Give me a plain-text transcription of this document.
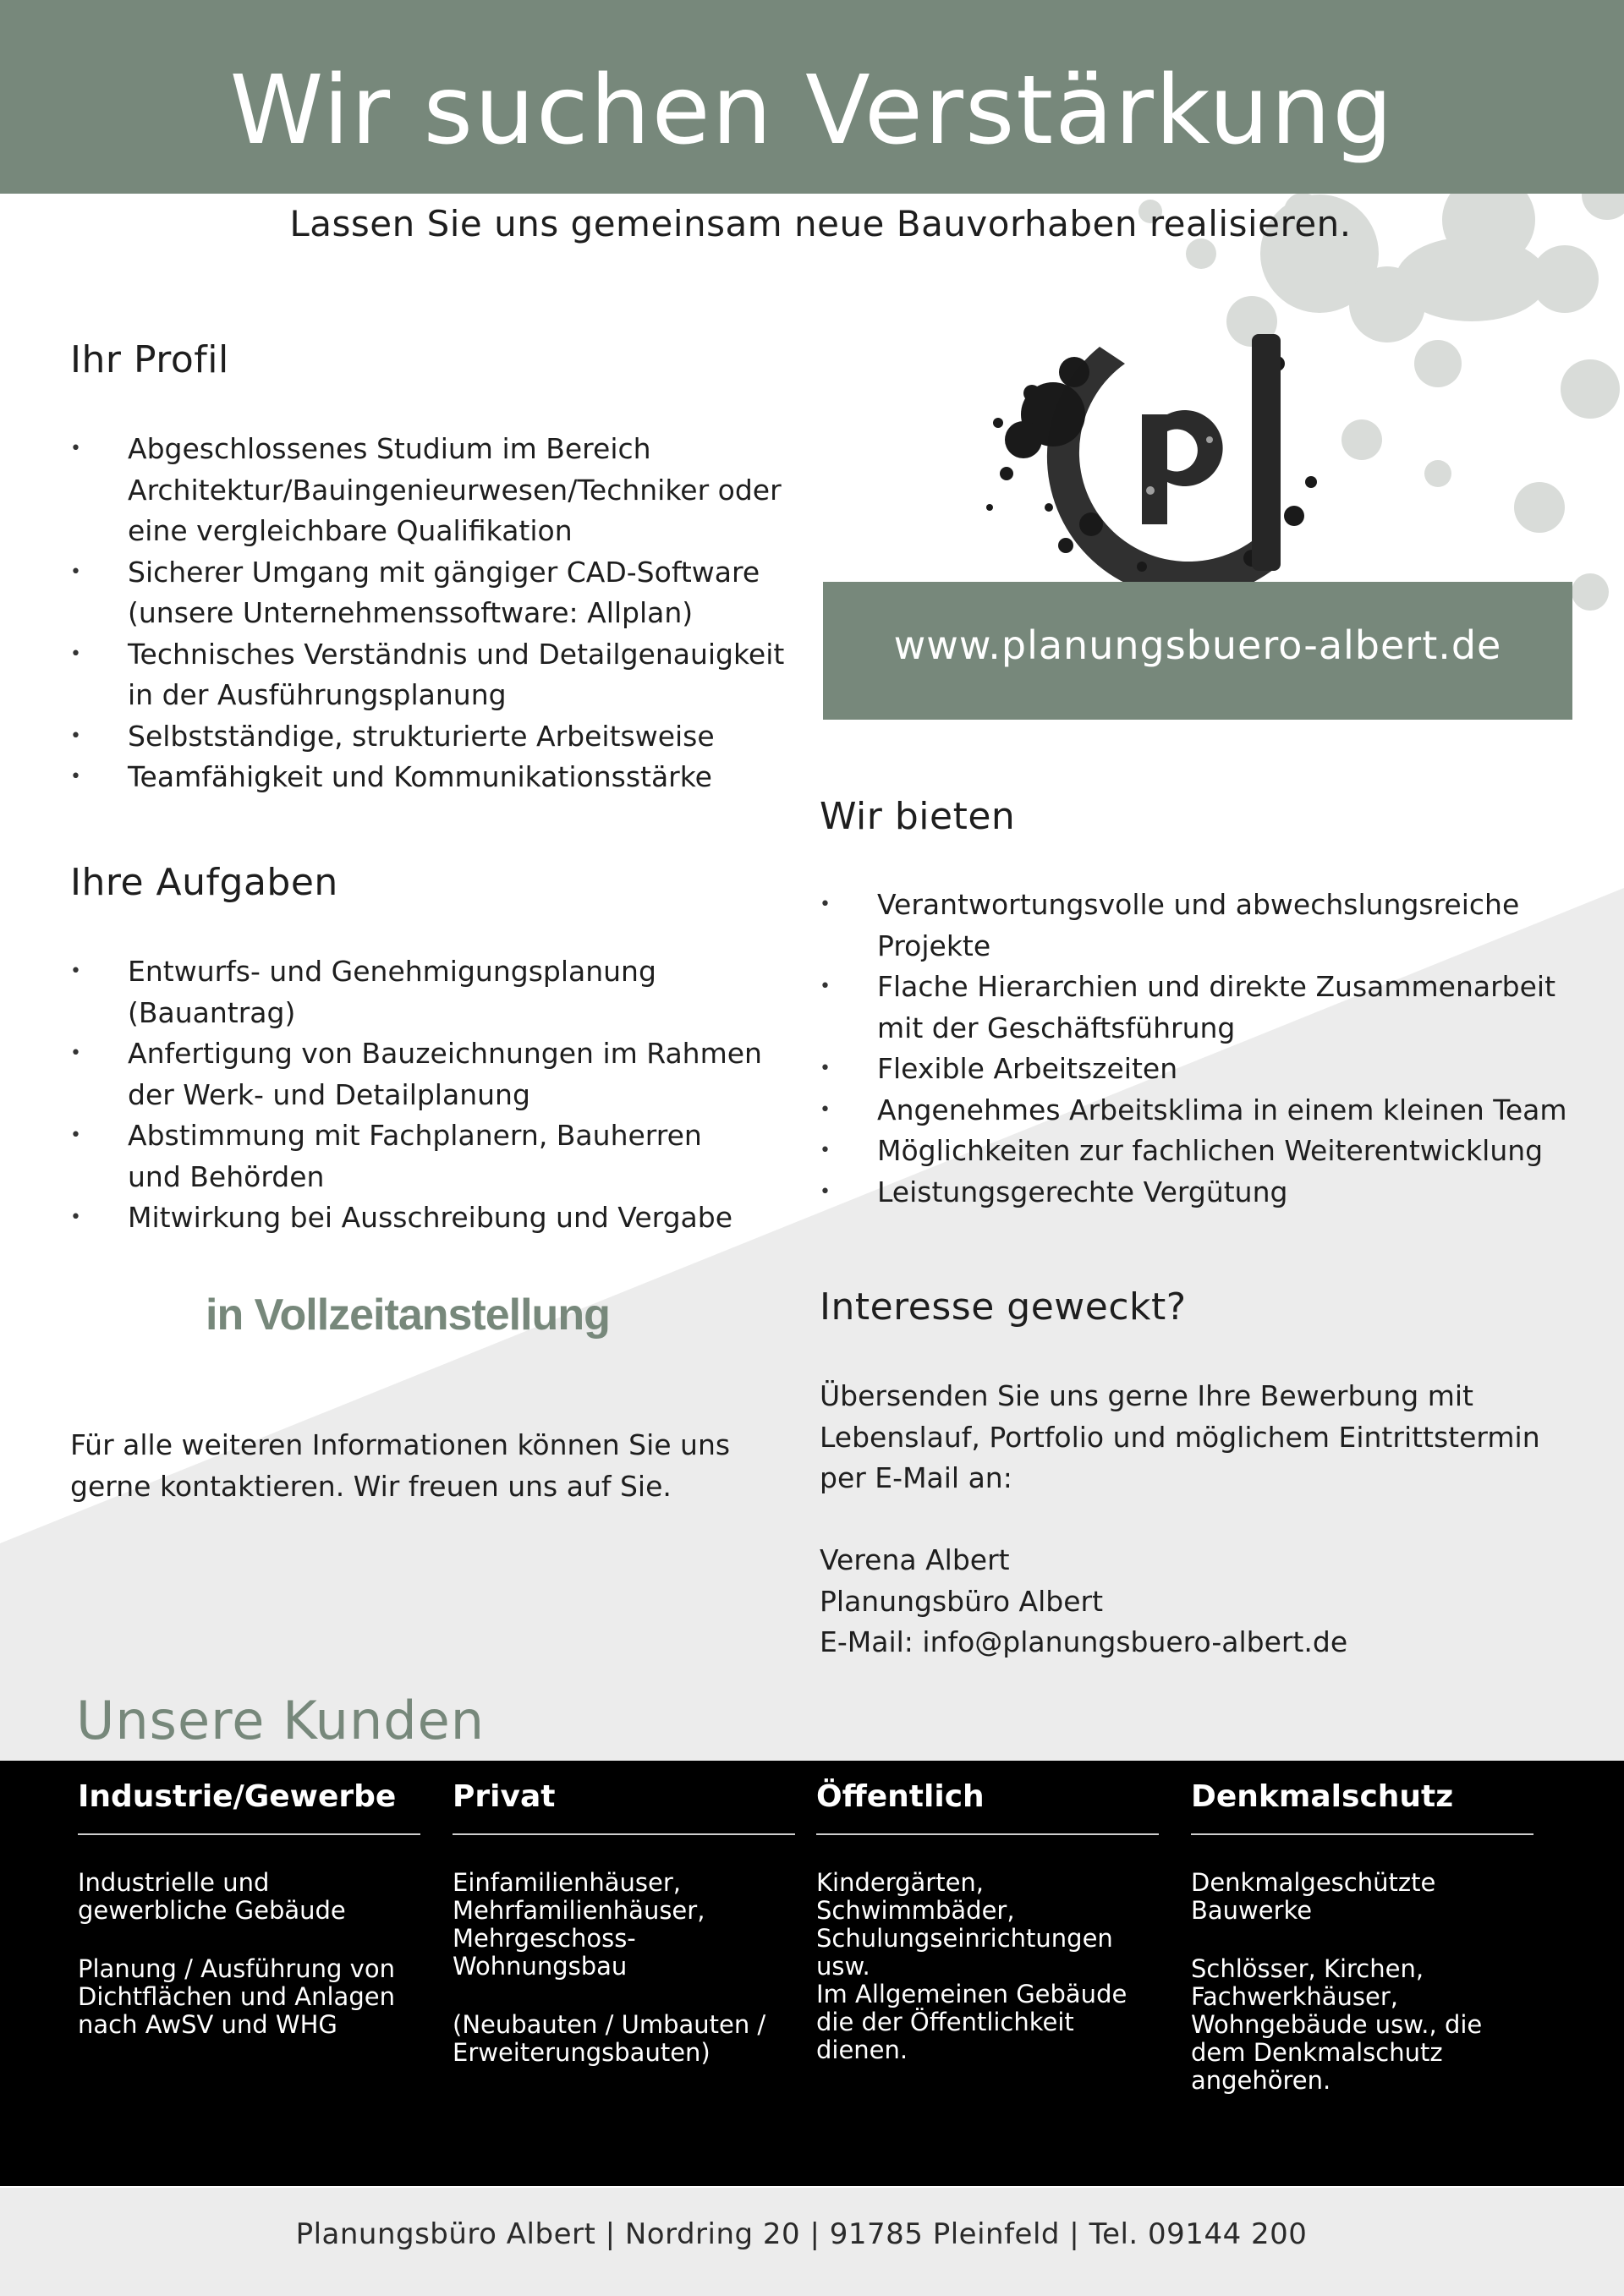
Wir suchen Verstärkung
Lassen Sie uns gemeinsam neue Bauvorhaben realisieren.
Ihr Profil
• Abgeschlossenes Studium im Bereich Architektur/Bauingenieurwesen/Techniker oder eine vergleichbare Qualifikation
• Sicherer Umgang mit gängiger CAD-Software (unsere Unternehmenssoftware: Allplan)
• Technisches Verständnis und Detailgenauigkeit in der Ausführungsplanung
• Selbstständige, strukturierte Arbeitsweise
• Teamfähigkeit und Kommunikationsstärke
Ihre Aufgaben
• Entwurfs- und Genehmigungsplanung (Bauantrag)
• Anfertigung von Bauzeichnungen im Rahmen der Werk- und Detailplanung
• Abstimmung mit Fachplanern, Bauherren und Behörden
• Mitwirkung bei Ausschreibung und Vergabe
in Vollzeitanstellung

Für alle weiteren Informationen können Sie uns gerne kontaktieren. Wir freuen uns auf Sie.

www.planungsbuero-albert.de
Wir bieten
• Verantwortungsvolle und abwechslungsreiche Projekte
• Flache Hierarchien und direkte Zusammenarbeit mit der Geschäftsführung
• Flexible Arbeitszeiten
• Angenehmes Arbeitsklima in einem kleinen Team
• Möglichkeiten zur fachlichen Weiterentwicklung
• Leistungsgerechte Vergütung
Interesse geweckt?

Übersenden Sie uns gerne Ihre Bewerbung mit Lebenslauf, Portfolio und möglichem Eintrittstermin per E-Mail an:

Verena Albert
Planungsbüro Albert
E-Mail: info@planungsbuero-albert.de
Unsere Kunden
Industrie/Gewerbe
Industrielle und
gewerbliche Gebäude
Planung / Ausführung von
Dichtflächen und Anlagen
nach AwSV und WHG
Privat
Einfamilienhäuser,
Mehrfamilienhäuser,
Mehrgeschoss-
Wohnungsbau
(Neubauten / Umbauten /
Erweiterungsbauten)
Öffentlich
Kindergärten,
Schwimmbäder,
Schulungseinrichtungen
usw.
Im Allgemeinen Gebäude
die der Öffentlichkeit
dienen.
Denkmalschutz
Denkmalgeschützte
Bauwerke
Schlösser, Kirchen,
Fachwerkhäuser,
Wohngebäude usw., die
dem Denkmalschutz
angehören.
Planungsbüro Albert | Nordring 20 | 91785 Pleinfeld | Tel. 09144 200
